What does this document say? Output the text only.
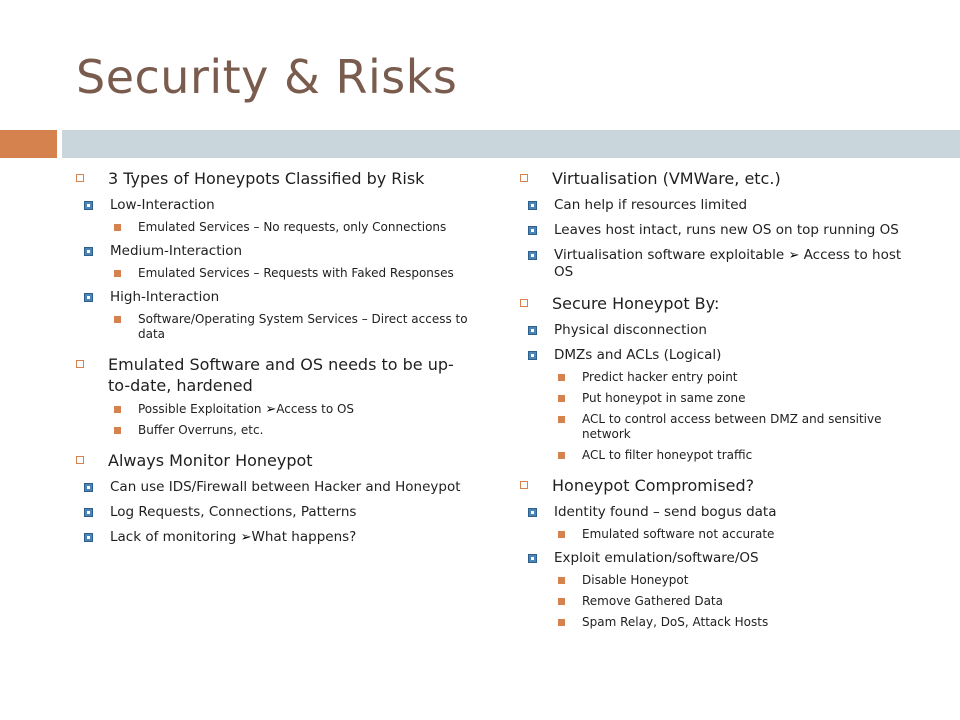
Security & Risks
3 Types of Honeypots Classified by Risk
Low-Interaction
Emulated Services – No requests, only Connections
Medium-Interaction
Emulated Services – Requests with Faked Responses
High-Interaction
Software/Operating System Services – Direct access to data
Emulated Software and OS needs to be up-to-date, hardened
Possible Exploitation ➢Access to OS
Buffer Overruns, etc.
Always Monitor Honeypot
Can use IDS/Firewall between Hacker and Honeypot
Log Requests, Connections, Patterns
Lack of monitoring ➢What happens?
Virtualisation (VMWare, etc.)
Can help if resources limited
Leaves host intact, runs new OS on top running OS
Virtualisation software exploitable ➢ Access to host OS
Secure Honeypot By:
Physical disconnection
DMZs and ACLs (Logical)
Predict hacker entry point
Put honeypot in same zone
ACL to control access between DMZ and sensitive network
ACL to filter honeypot traffic
Honeypot Compromised?
Identity found – send bogus data
Emulated software not accurate
Exploit emulation/software/OS
Disable Honeypot
Remove Gathered Data
Spam Relay, DoS, Attack Hosts
